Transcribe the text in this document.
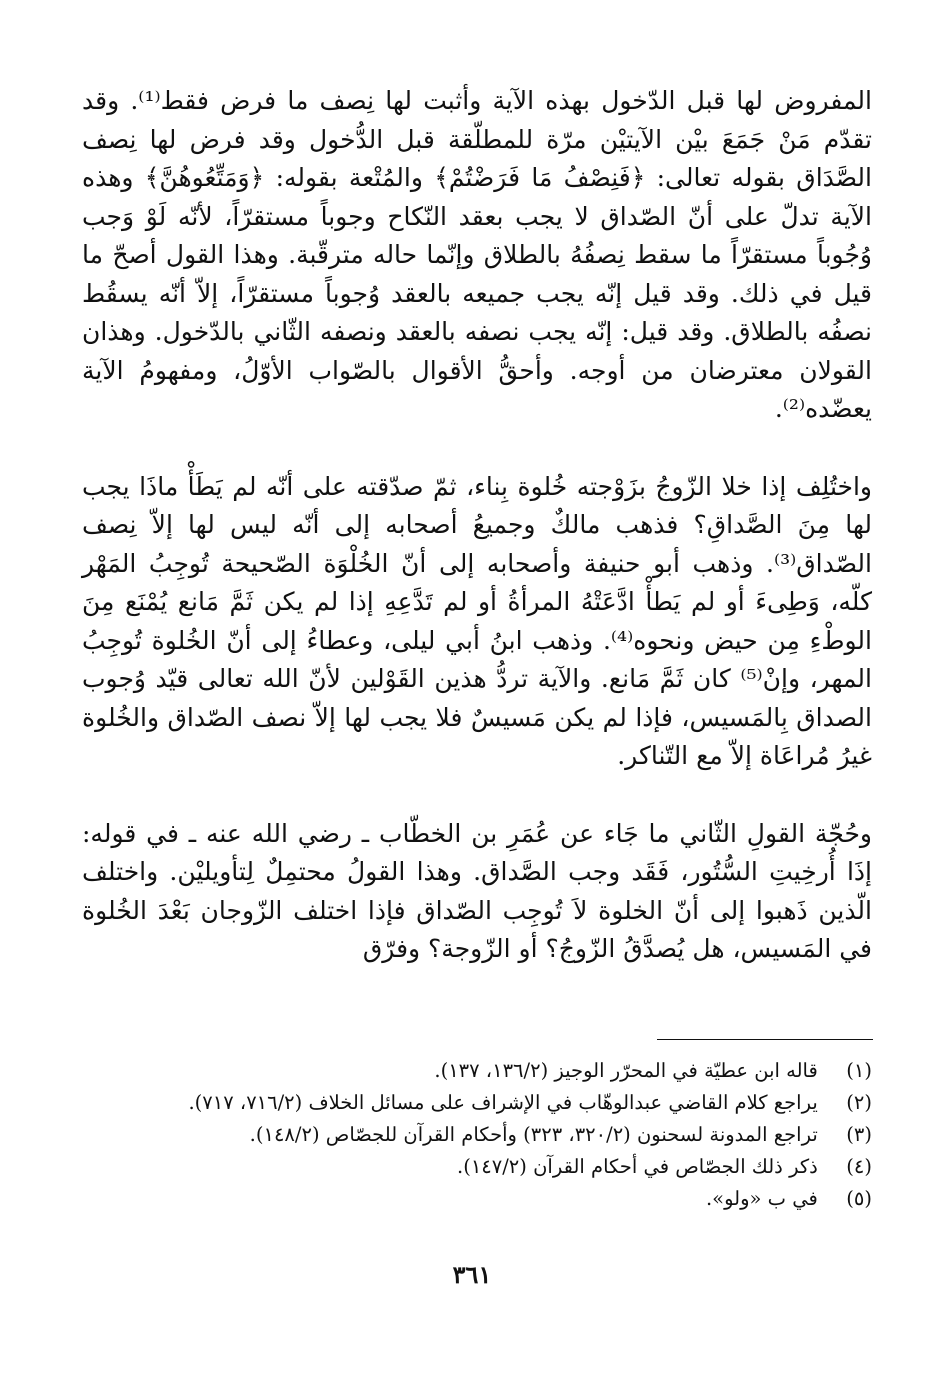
المفروض لها قبل الدّخول بهذه الآية وأثبت لها نِصف ما فرض فقط⁽¹⁾. وقد تقدّم مَنْ جَمَعَ بيْن الآيتيْن مرّة للمطلّقة قبل الدُّخول وقد فرض لها نِصف الصَّدَاق بقوله تعالى: ﴿فَنِصْفُ مَا فَرَضْتُمْ﴾ والمُتْعة بقوله: ﴿وَمَتِّعُوهُنَّ﴾ وهذه الآية تدلّ على أنّ الصّداق لا يجب بعقد النّكاح وجوباً مستقرّاً، لأنّه لَوْ وَجب وُجُوباً مستقرّاً ما سقط نِصفُهُ بالطلاق وإنّما حاله مترقّبة. وهذا القول أصحّ ما قيل في ذلك. وقد قيل إنّه يجب جميعه بالعقد وُجوباً مستقرّاً، إلاّ أنّه يسقُط نصفُه بالطلاق. وقد قيل: إنّه يجب نصفه بالعقد ونصفه الثّاني بالدّخول. وهذان القولان معترضان من أوجه. وأحقُّ الأقوال بالصّواب الأوّلُ، ومفهومُ الآية يعضّده⁽²⁾.

واختُلِف إذا خلا الزّوجُ بزَوْجته خُلوة بِناء، ثمّ صدّقته على أنّه لم يَطَأْ ماذَا يجب لها مِنَ الصَّداقِ؟ فذهب مالكٌ وجميعُ أصحابه إلى أنّه ليس لها إلاّ نِصف الصّداق⁽³⁾. وذهب أبو حنيفة وأصحابه إلى أنّ الخُلْوَة الصّحيحة تُوجِبُ المَهْر كلّه، وَطِىءَ أو لم يَطأْ ادَّعَتْهُ المرأةُ أو لم تَدَّعِهِ إذا لم يكن ثَمَّ مَانع يُمْنَع مِنَ الوطْءِ مِن حيض ونحوه⁽⁴⁾. وذهب ابنُ أبي ليلى، وعطاءُ إلى أنّ الخُلوة تُوجِبُ المهر، وإنْ⁽⁵⁾ كان ثَمَّ مَانع. والآية تردُّ هذين القَوْلين لأنّ الله تعالى قيّد وُجوب الصداق بِالمَسيس، فإذا لم يكن مَسيسٌ فلا يجب لها إلاّ نصف الصّداق والخُلوة غيرُ مُراعَاة إلاّ مع التّناكر.

وحُجّة القولِ الثّاني ما جَاء عن عُمَرِ بن الخطّاب ـ رضي الله عنه ـ في قوله: إذَا أُرخِيتِ السُّتُور، فَقَد وجب الصَّداق. وهذا القولُ محتمِلٌ لِتأويليْن. واختلف الّذين ذَهبوا إلى أنّ الخلوة لاَ تُوجِب الصّداق فإذا اختلف الزّوجان بَعْدَ الخُلوة في المَسيس، هل يُصدَّقُ الزّوجُ؟ أو الزّوجة؟ وفرّق

(١) قاله ابن عطيّة في المحرّر الوجيز (١٣٦/٢، ١٣٧).
(٢) يراجع كلام القاضي عبدالوهّاب في الإشراف على مسائل الخلاف (٧١٦/٢، ٧١٧).
(٣) تراجع المدونة لسحنون (٣٢٠/٢، ٣٢٣) وأحكام القرآن للجصّاص (١٤٨/٢).
(٤) ذكر ذلك الجصّاص في أحكام القرآن (١٤٧/٢).
(٥) في ب «ولو».
٣٦١
